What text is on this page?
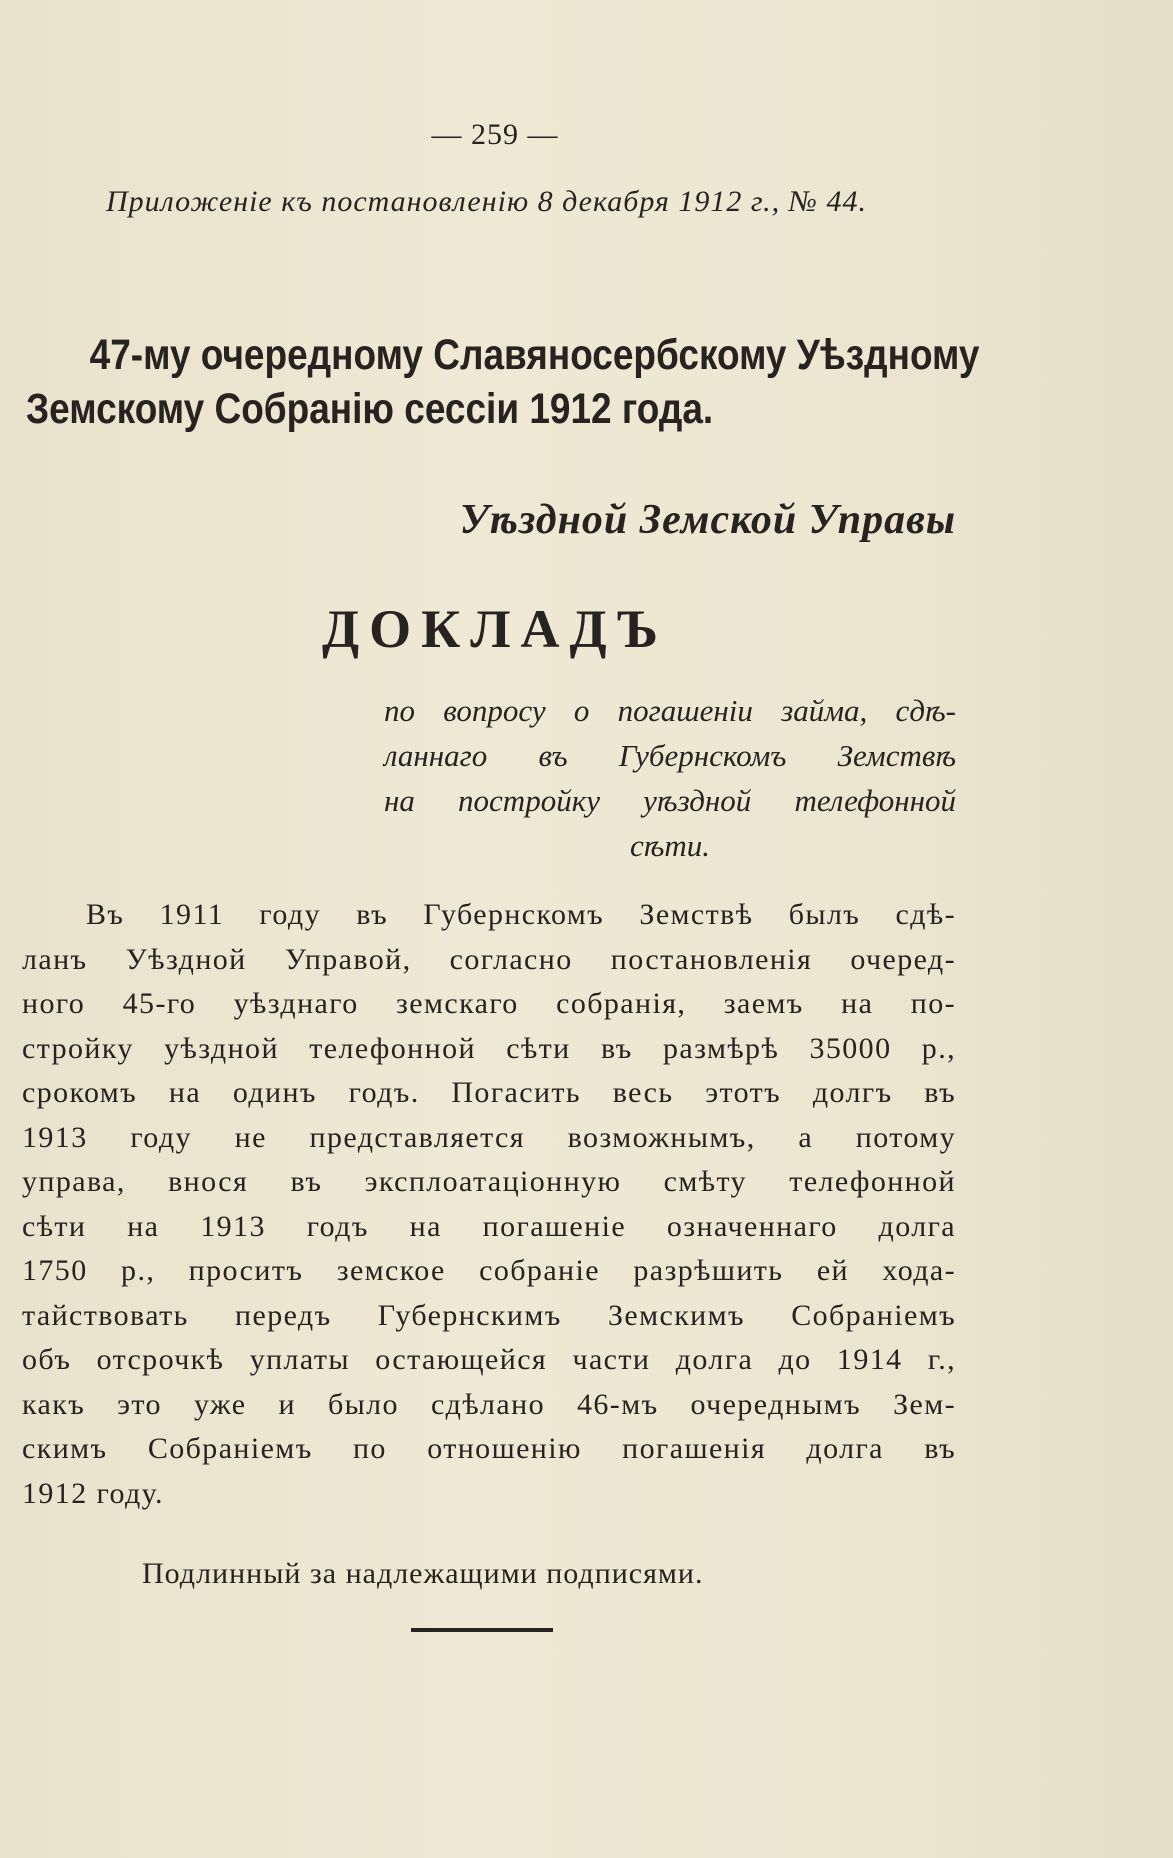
— 259 —
Приложеніе къ постановленію 8 декабря 1912 г., № 44.
47-му очередному Славяносербскому Уѣздному
Земскому Собранію сессіи 1912 года.
Уѣздной Земской Управы
ДОКЛАДЪ
по вопросу о погашеніи займа, сдѣ-
ланнаго въ Губернскомъ Земствѣ
на постройку уѣздной телефонной
сѣти.
Въ 1911 году въ Губернскомъ Земствѣ былъ сдѣ-
ланъ Уѣздной Управой, согласно постановленія очеред-
ного 45-го уѣзднаго земскаго собранія, заемъ на по-
стройку уѣздной телефонной сѣти въ размѣрѣ 35000 р.,
срокомъ на одинъ годъ. Погасить весь этотъ долгъ въ
1913 году не представляется возможнымъ, а потому
управа, внося въ эксплоатаціонную смѣту телефонной
сѣти на 1913 годъ на погашеніе означеннаго долга
1750 р., проситъ земское собраніе разрѣшить ей хода-
тайствовать передъ Губернскимъ Земскимъ Собраніемъ
объ отсрочкѣ уплаты остающейся части долга до 1914 г.,
какъ это уже и было сдѣлано 46-мъ очереднымъ Зем-
скимъ Собраніемъ по отношенію погашенія долга въ
1912 году.
Подлинный за надлежащими подписями.
